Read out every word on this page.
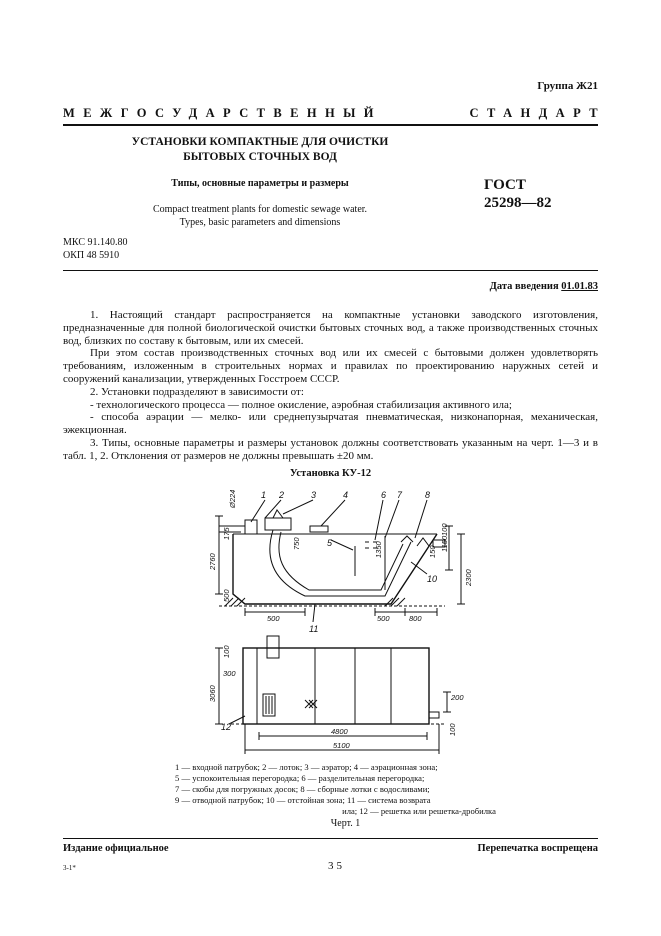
Группа Ж21
МЕЖГОСУДАРСТВЕННЫЙ	СТАНДАРТ
УСТАНОВКИ КОМПАКТНЫЕ ДЛЯ ОЧИСТКИ
БЫТОВЫХ СТОЧНЫХ ВОД
Типы, основные параметры и размеры
Compact treatment plants for domestic sewage water.
Types, basic parameters and dimensions
ГОСТ
25298—82
МКС 91.140.80
ОКП 48 5910
Дата введения 01.01.83

1. Настоящий стандарт распространяется на компактные установки заводского изготовления, предназначенные для полной биологической очистки бытовых сточных вод, а также производственных сточных вод, близких по составу к бытовым, или их смесей.

При этом состав производственных сточных вод или их смесей с бытовыми должен удовлетворять требованиям, изложенным в строительных нормах и правилах по проектированию наружных сетей и сооружений канализации, утвержденных Госстроем СССР.

2. Установки подразделяют в зависимости от:

- технологического процесса — полное окисление, аэробная стабилизация активного ила;

- способа аэрации — мелко- или среднепузырчатая пневматическая, низконапорная, механическая, эжекционная.

3. Типы, основные параметры и размеры установок должны соответствовать указанным на черт. 1—3 и в табл. 1, 2. Отклонения от размеров не должны превышать ±20 мм.

Установка КУ-12
1 2	3	4	6 7	8
5
10
11
12
Ø224
175
2760
500
500	500	800
750	1350	150 1150
2300
100
100
300
3060	200
4800
5100
100

1 — входной патрубок; 2 — лоток; 3 — аэратор; 4 — аэрационная зона;

5 — успокоительная перегородка; 6 — разделительная перегородка;

7 — скобы для погружных досок; 8 — сборные лотки с водосливами;

9 — отводной патрубок; 10 — отстойная зона; 11 — система возврата

ила; 12 — решетка или решетка-дробилка

Черт. 1
Издание официальное	Перепечатка воспрещена
3-1*	35
